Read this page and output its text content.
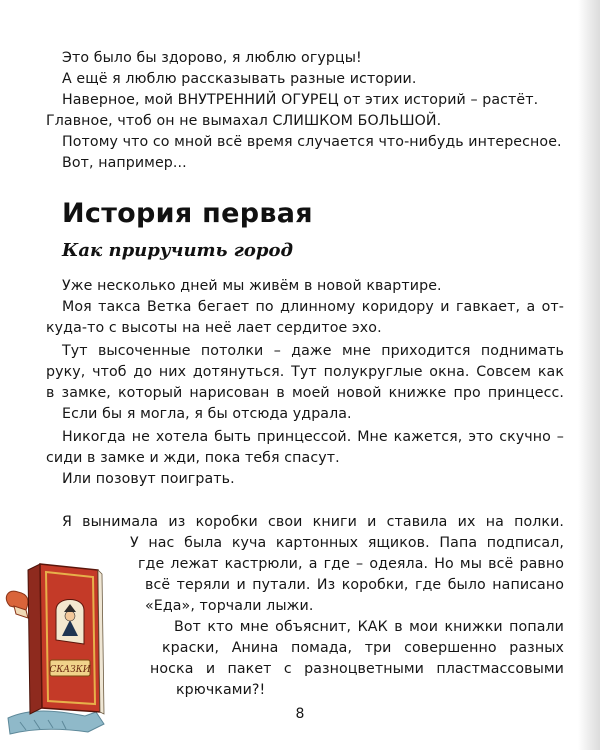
Это было бы здорово, я люблю огурцы!
А ещё я люблю рассказывать разные истории.
Наверное, мой ВНУТРЕННИЙ ОГУРЕЦ от этих историй – растёт.
Главное, чтоб он не вымахал СЛИШКОМ БОЛЬШОЙ.
Потому что со мной всё время случается что-нибудь интересное.
Вот, например...
История первая
Как приручить город
Уже несколько дней мы живём в новой квартире.
Моя такса Ветка бегает по длинному коридору и гавкает, а от-
куда-то с высоты на неё лает сердитое эхо.
Тут высоченные потолки – даже мне приходится поднимать
руку, чтоб до них дотянуться. Тут полукруглые окна. Совсем как
в замке, который нарисован в моей новой книжке про принцесс.
Если бы я могла, я бы отсюда удрала.
Никогда не хотела быть принцессой. Мне кажется, это скучно –
сиди в замке и жди, пока тебя спасут.
Или позовут поиграть.
Я вынимала из коробки свои книги и ставила их на полки.
У нас была куча картонных ящиков. Папа подписал,
где лежат кастрюли, а где – одеяла. Но мы всё равно
всё теряли и путали. Из коробки, где было написано
«Еда», торчали лыжи.
Вот кто мне объяснит, КАК в мои книжки попали
краски, Анина помада, три совершенно разных
носка и пакет с разноцветными пластмассовыми
крючками?!
СКАЗКИ
8
